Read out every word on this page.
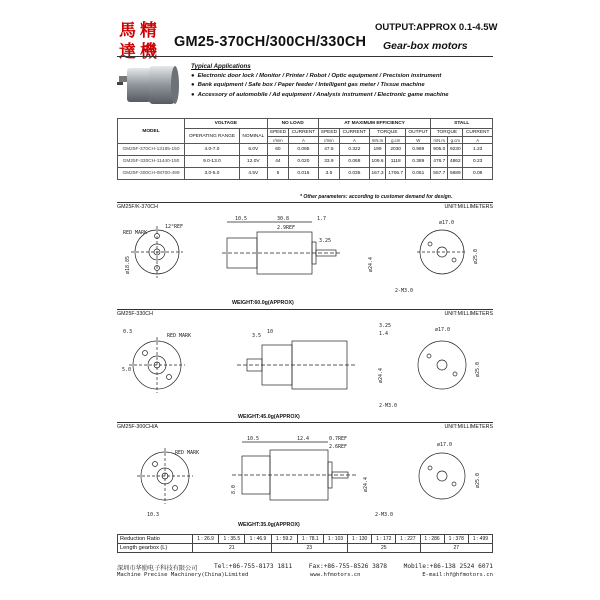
馬 精
達 機 GM25-370CH/300CH/330CH
OUTPUT:APPROX 0.1-4.5W
Gear-box motors
Typical Applications
● Electronic door lock / Monitor / Printer / Robot / Optic equipment / Precision instrument
● Bank equipment / Safe box / Paper feeder / Intelligent gas meter / Tissue machine
● Accessory of automobile / Ad equipment / Analysis instrument / Electronic game machine
MODEL	VOLTAGE		NO LOAD		AT MAXIMUM EFFICIENCY					STALL		
	OPERATING RANGE	NOMINAL	SPEED	CURRENT	SPEED	CURRENT	TORQUE		OUTPUT	TORQUE		CURRENT
			r/min	A	r/min	A	mN.m	g.cm	W	mN.m	g.cm	A
GM25F-370CH-13185-150	4.0-7.0	6.0V	60	0.095	47.5	0.322	199	2030	0.989	905.0	9230	1.23
GM25F-330CH-11440-150	9.0-13.0	12.0V	44	0.020	33.9	0.068	109.6	1118	0.389	476.7	4862	0.23
GM25F-300CH-08700-499	3.0-5.0	4.5V	5	0.015	3.5	0.035	167.3	1706.7	0.061	557.7	5689	0.08
* Other parameters: according to customer demand for design.
GM25F/K-370CH	UNIT:MILLIMETERS
RED MARK
12°REF
ø18.85
10.5	30.8	1.7
3.25
2.9REF
ø24.4
ø17.0
ø25.0
2-M3.0
WEIGHT:60.0g(APPROX)
GM25F-330CH	UNIT:MILLIMETERS
0.3
RED MARK
5.0
3.5
10
3.25
1.4
ø24.4
ø17.0
ø25.0
2-M3.0
WEIGHT:45.0g(APPROX)
GM25F-300CH/A	UNIT:MILLIMETERS
RED MARK
10.3
10.5	12.4	0.7REF
2.6REF
8.0	ø24.4
ø17.0
ø25.0
2-M3.0
WEIGHT:35.0g(APPROX)
Reduction Ratio	1 : 26.9	1 : 35.5	1 : 46.9	1 : 59.2	1 : 78.1	1 : 103	1 : 130	1 : 172	1 : 227	1 : 286	1 : 378	1 : 499
Length gearbox (L)	21			23			25			27		
深圳市华励电子科技有限公司	Tel:+86-755-8173 1811	Fax:+86-755-8526 3878	Mobile:+86-138 2524 6071
Machine Precise Machinery(China)Limited	www.hfmotors.cn	E-mail:hf@hfmotors.cn
